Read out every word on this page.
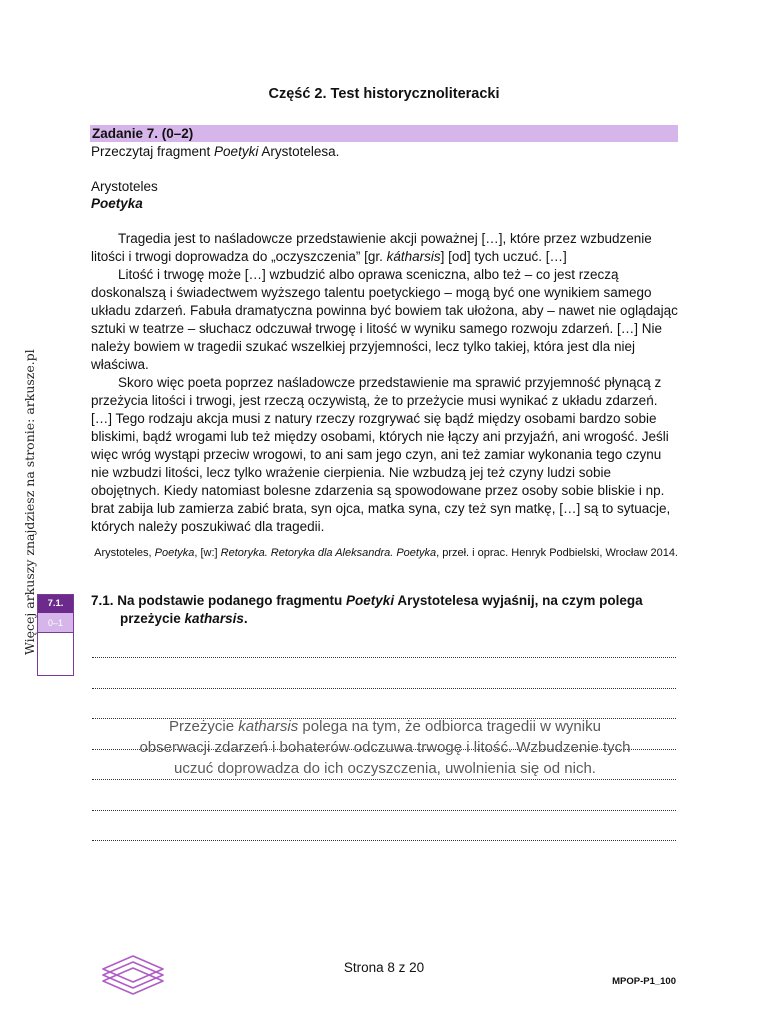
Część 2. Test historycznoliteracki
Zadanie 7. (0–2)
Przeczytaj fragment Poetyki Arystotelesa.
Arystoteles
Poetyka

Tragedia jest to naśladowcze przedstawienie akcji poważnej […], które przez wzbudzenie litości i trwogi doprowadza do „oczyszczenia” [gr. kátharsis] [od] tych uczuć. […]

Litość i trwogę może […] wzbudzić albo oprawa sceniczna, albo też – co jest rzeczą doskonalszą i świadectwem wyższego talentu poetyckiego – mogą być one wynikiem samego układu zdarzeń. Fabuła dramatyczna powinna być bowiem tak ułożona, aby – nawet nie oglądając sztuki w teatrze – słuchacz odczuwał trwogę i litość w wyniku samego rozwoju zdarzeń. […] Nie należy bowiem w tragedii szukać wszelkiej przyjemności, lecz tylko takiej, która jest dla niej właściwa.

Skoro więc poeta poprzez naśladowcze przedstawienie ma sprawić przyjemność płynącą z przeżycia litości i trwogi, jest rzeczą oczywistą, że to przeżycie musi wynikać z układu zdarzeń. […] Tego rodzaju akcja musi z natury rzeczy rozgrywać się bądź między osobami bardzo sobie bliskimi, bądź wrogami lub też między osobami, których nie łączy ani przyjaźń, ani wrogość. Jeśli więc wróg wystąpi przeciw wrogowi, to ani sam jego czyn, ani też zamiar wykonania tego czynu nie wzbudzi litości, lecz tylko wrażenie cierpienia. Nie wzbudzą jej też czyny ludzi sobie obojętnych. Kiedy natomiast bolesne zdarzenia są spowodowane przez osoby sobie bliskie i np. brat zabija lub zamierza zabić brata, syn ojca, matka syna, czy też syn matkę, […] są to sytuacje, których należy poszukiwać dla tragedii.

Arystoteles, Poetyka, [w:] Retoryka. Retoryka dla Aleksandra. Poetyka, przeł. i oprac. Henryk Podbielski, Wrocław 2014.
Więcej arkuszy znajdziesz na stronie: arkusze.pl	7.1.
0–1
7.1. Na podstawie podanego fragmentu Poetyki Arystotelesa wyjaśnij, na czym polega
przeżycie katharsis.
Przeżycie katharsis polega na tym, że odbiorca tragedii w wyniku
obserwacji zdarzeń i bohaterów odczuwa trwogę i litość. Wzbudzenie tych
uczuć doprowadza do ich oczyszczenia, uwolnienia się od nich.
Strona 8 z 20
MPOP-P1_100
